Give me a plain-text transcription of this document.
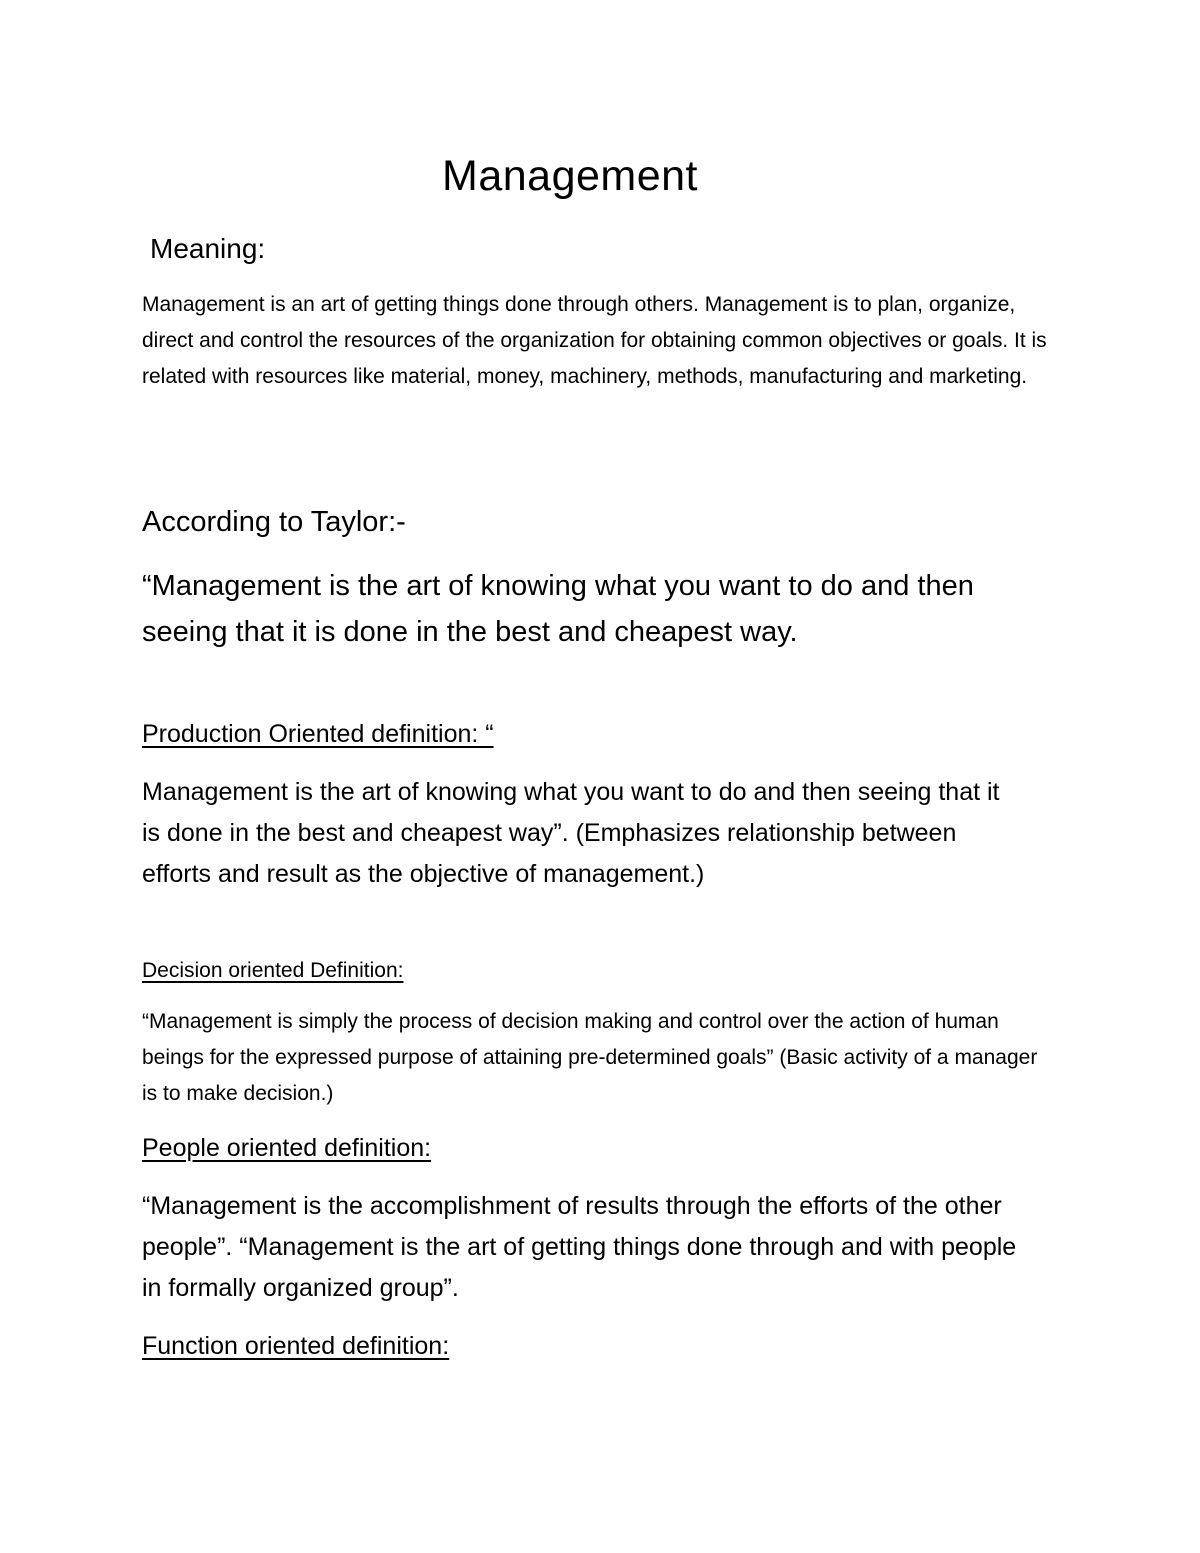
Management
Meaning:

Management is an art of getting things done through others. Management is to plan, organize, direct and control the resources of the organization for obtaining common objectives or goals. It is related with resources like material, money, machinery, methods, manufacturing and marketing.

According to Taylor:-

“Management is the art of knowing what you want to do and then seeing that it is done in the best and cheapest way.

Production Oriented definition: “

Management is the art of knowing what you want to do and then seeing that it is done in the best and cheapest way”. (Emphasizes relationship between efforts and result as the objective of management.)

Decision oriented Definition:

“Management is simply the process of decision making and control over the action of human beings for the expressed purpose of attaining pre-determined goals” (Basic activity of a manager is to make decision.)

People oriented definition:

“Management is the accomplishment of results through the efforts of the other people”. “Management is the art of getting things done through and with people in formally organized group”.

Function oriented definition:
